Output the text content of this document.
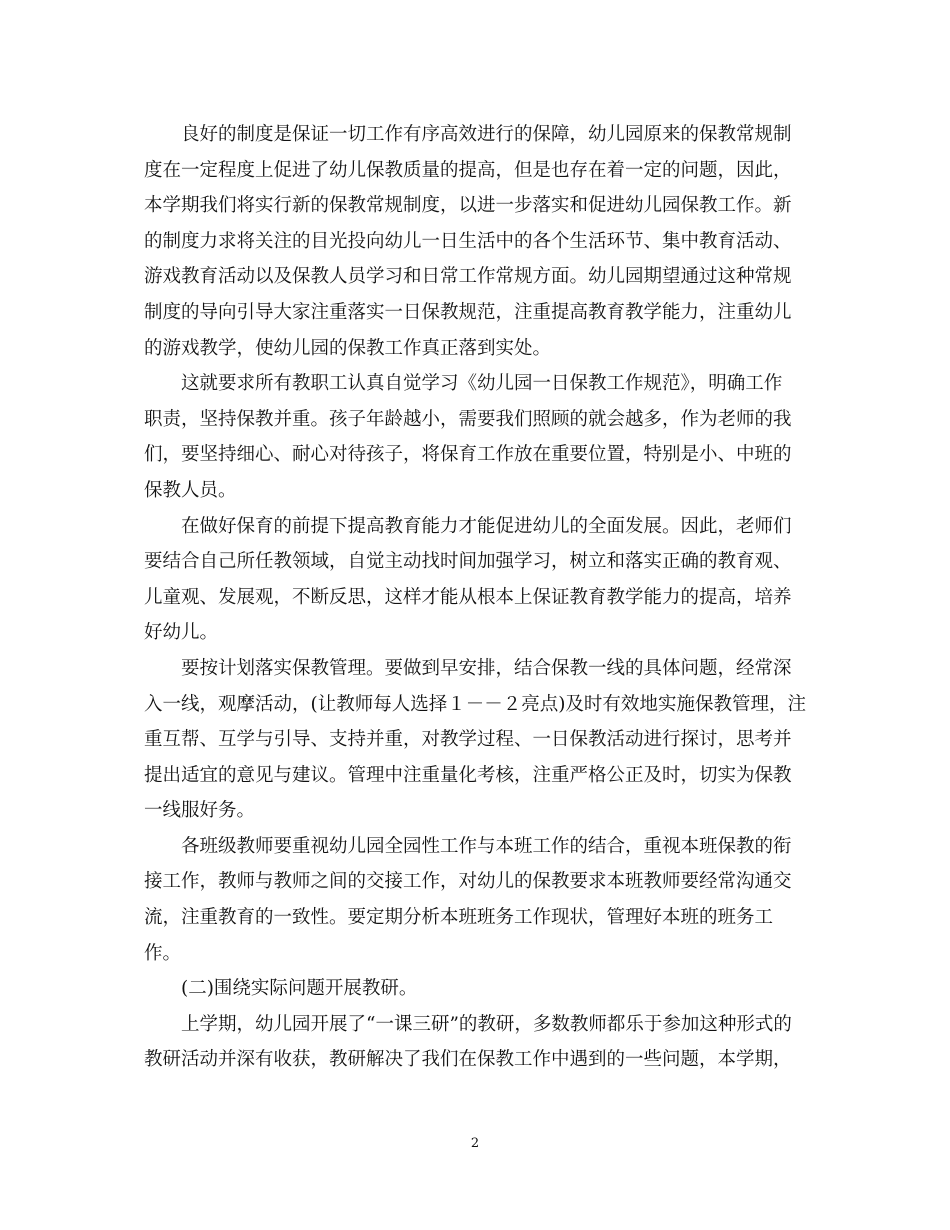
良好的制度是保证一切工作有序高效进行的保障，幼儿园原来的保教常规制
度在一定程度上促进了幼儿保教质量的提高，但是也存在着一定的问题，因此，
本学期我们将实行新的保教常规制度，以进一步落实和促进幼儿园保教工作。新
的制度力求将关注的目光投向幼儿一日生活中的各个生活环节、集中教育活动、
游戏教育活动以及保教人员学习和日常工作常规方面。幼儿园期望通过这种常规
制度的导向引导大家注重落实一日保教规范，注重提高教育教学能力，注重幼儿
的游戏教学，使幼儿园的保教工作真正落到实处。
这就要求所有教职工认真自觉学习《幼儿园一日保教工作规范》，明确工作
职责，坚持保教并重。孩子年龄越小，需要我们照顾的就会越多，作为老师的我
们，要坚持细心、耐心对待孩子，将保育工作放在重要位置，特别是小、中班的
保教人员。
在做好保育的前提下提高教育能力才能促进幼儿的全面发展。因此，老师们
要结合自己所任教领域，自觉主动找时间加强学习，树立和落实正确的教育观、
儿童观、发展观，不断反思，这样才能从根本上保证教育教学能力的提高，培养
好幼儿。
要按计划落实保教管理。要做到早安排，结合保教一线的具体问题，经常深
入一线，观摩活动，(让教师每人选择１－－２亮点)及时有效地实施保教管理，注
重互帮、互学与引导、支持并重，对教学过程、一日保教活动进行探讨，思考并
提出适宜的意见与建议。管理中注重量化考核，注重严格公正及时，切实为保教
一线服好务。
各班级教师要重视幼儿园全园性工作与本班工作的结合，重视本班保教的衔
接工作，教师与教师之间的交接工作，对幼儿的保教要求本班教师要经常沟通交
流，注重教育的一致性。要定期分析本班班务工作现状，管理好本班的班务工
作。
(二)围绕实际问题开展教研。
上学期，幼儿园开展了“一课三研”的教研，多数教师都乐于参加这种形式的
教研活动并深有收获，教研解决了我们在保教工作中遇到的一些问题，本学期，
2
